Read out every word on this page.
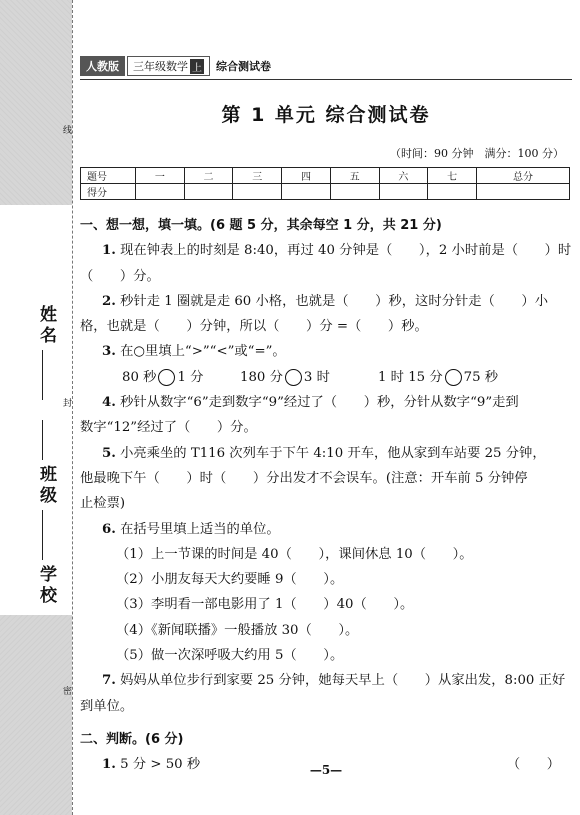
线
姓名
封
班级
学校
密
人教版	三年级数学 上 综合测试卷
第 1 单元 综合测试卷
（时间：90 分钟　满分：100 分）
题号	一	二	三	四	五	六	七	总分
得分								

一、想一想，填一填。(6 题 5 分，其余每空 1 分，共 21 分)

1. 现在钟表上的时刻是 8:40，再过 40 分钟是（　　），2 小时前是（　　）时

（　　）分。

2. 秒针走 1 圈就是走 60 小格，也就是（　　）秒，这时分针走（　　）小

格，也就是（　　）分钟，所以（　　）分 =（　　）秒。

3. 在○里填上“>”“<”或“=”。

80 秒 1 分	180 分 3 时	1 时 15 分 75 秒

4. 秒针从数字“6”走到数字“9”经过了（　　）秒，分针从数字“9”走到

数字“12”经过了（　　）分。

5. 小亮乘坐的 T116 次列车于下午 4:10 开车，他从家到车站要 25 分钟，

他最晚下午（　　）时（　　）分出发才不会误车。(注意：开车前 5 分钟停

止检票)

6. 在括号里填上适当的单位。

（1）上一节课的时间是 40（　　），课间休息 10（　　）。

（2）小朋友每天大约要睡 9（　　）。

（3）李明看一部电影用了 1（　　）40（　　）。

（4）《新闻联播》一般播放 30（　　）。

（5）做一次深呼吸大约用 5（　　）。

7. 妈妈从单位步行到家要 25 分钟，她每天早上（　　）从家出发，8:00 正好

到单位。

二、判断。(6 分)

1. 5 分 > 50 秒	（　　）

—5—
